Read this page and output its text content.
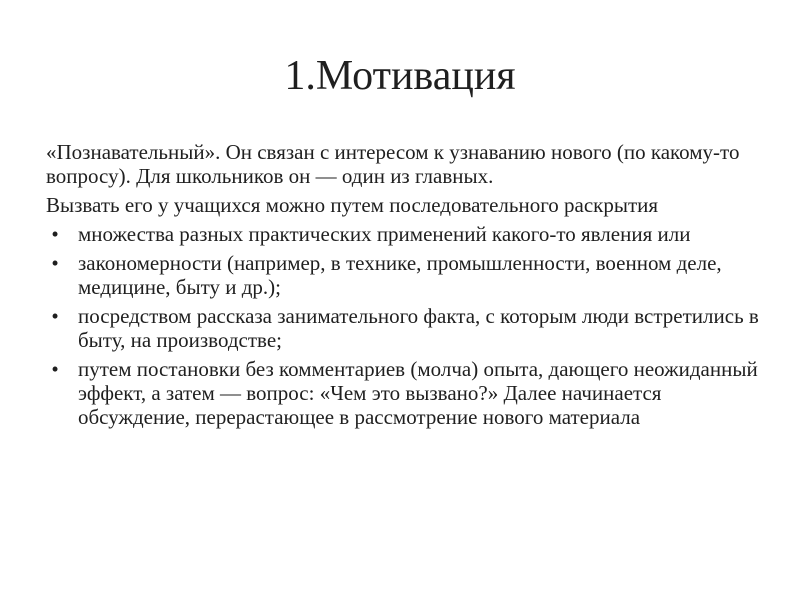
1.Мотивация

«Познавательный». Он связан с интересом к узнаванию нового (по какому-то вопросу). Для школьников он — один из главных.

Вызвать его у учащихся можно путем последовательного раскрытия

• множества разных практических применений какого-то явления или
• закономерности (например, в технике, промышленности, военном деле, медицине, быту и др.);
• посредством рассказа занимательного факта, с которым люди встретились в быту, на производстве;
• путем постановки без комментариев (молча) опыта, дающего неожиданный эффект, а затем — вопрос: «Чем это вызвано?» Далее начинается обсуждение, перерастающее в рассмотрение нового материала
